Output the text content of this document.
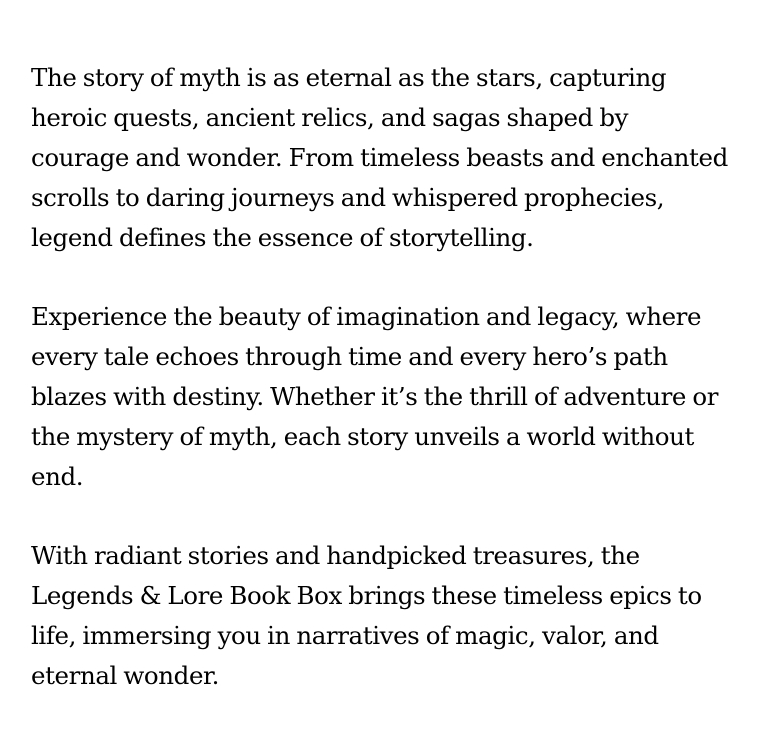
The story of myth is as eternal as the stars, capturing heroic quests, ancient relics, and sagas shaped by courage and wonder. From timeless beasts and enchanted scrolls to daring journeys and whispered prophecies, legend defines the essence of storytelling.

Experience the beauty of imagination and legacy, where every tale echoes through time and every hero’s path blazes with destiny. Whether it’s the thrill of adventure or the mystery of myth, each story unveils a world without end.

With radiant stories and handpicked treasures, the Legends & Lore Book Box brings these timeless epics to life, immersing you in narratives of magic, valor, and eternal wonder.
